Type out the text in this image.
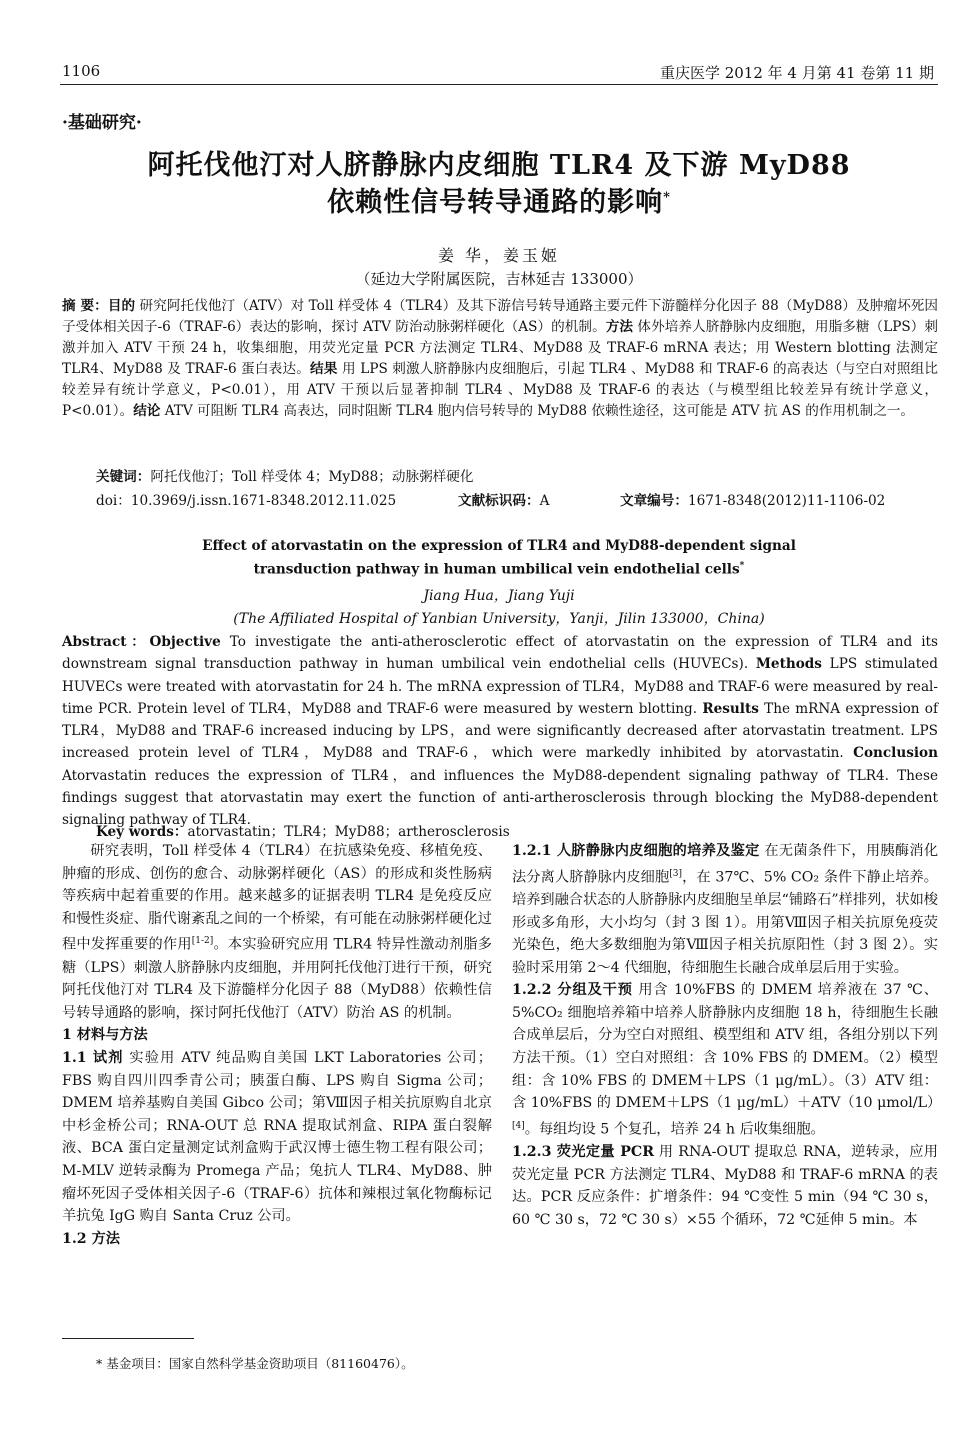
1106	重庆医学 2012 年 4 月第 41 卷第 11 期
·基础研究·
阿托伐他汀对人脐静脉内皮细胞 TLR4 及下游 MyD88
依赖性信号转导通路的影响*
姜 华，姜玉姬
（延边大学附属医院，吉林延吉 133000）
摘 要：目的 研究阿托伐他汀（ATV）对 Toll 样受体 4（TLR4）及其下游信号转导通路主要元件下游髓样分化因子 88（MyD88）及肿瘤坏死因子受体相关因子-6（TRAF-6）表达的影响，探讨 ATV 防治动脉粥样硬化（AS）的机制。方法 体外培养人脐静脉内皮细胞，用脂多糖（LPS）刺激并加入 ATV 干预 24 h，收集细胞，用荧光定量 PCR 方法测定 TLR4、MyD88 及 TRAF-6 mRNA 表达；用 Western blotting 法测定 TLR4、MyD88 及 TRAF-6 蛋白表达。结果 用 LPS 刺激人脐静脉内皮细胞后，引起 TLR4 、MyD88 和 TRAF-6 的高表达（与空白对照组比较差异有统计学意义，P<0.01），用 ATV 干预以后显著抑制 TLR4 、MyD88 及 TRAF-6 的表达（与模型组比较差异有统计学意义，P<0.01）。结论 ATV 可阻断 TLR4 高表达，同时阻断 TLR4 胞内信号转导的 MyD88 依赖性途径，这可能是 ATV 抗 AS 的作用机制之一。
关键词：阿托伐他汀；Toll 样受体 4；MyD88；动脉粥样硬化
doi：10.3969/j.issn.1671-8348.2012.11.025	文献标识码：A	文章编号：1671-8348(2012)11-1106-02
Effect of atorvastatin on the expression of TLR4 and MyD88-dependent signal
transduction pathway in human umbilical vein endothelial cells*
Jiang Hua，Jiang Yuji
(The Affiliated Hospital of Yanbian University，Yanji，Jilin 133000，China)
Abstract：Objective To investigate the anti-atherosclerotic effect of atorvastatin on the expression of TLR4 and its downstream signal transduction pathway in human umbilical vein endothelial cells (HUVECs). Methods LPS stimulated HUVECs were treated with atorvastatin for 24 h. The mRNA expression of TLR4，MyD88 and TRAF-6 were measured by real-time PCR. Protein level of TLR4，MyD88 and TRAF-6 were measured by western blotting. Results The mRNA expression of TLR4，MyD88 and TRAF-6 increased inducing by LPS，and were significantly decreased after atorvastatin treatment. LPS increased protein level of TLR4，MyD88 and TRAF-6，which were markedly inhibited by atorvastatin. Conclusion Atorvastatin reduces the expression of TLR4，and influences the MyD88-dependent signaling pathway of TLR4. These findings suggest that atorvastatin may exert the function of anti-artherosclerosis through blocking the MyD88-dependent signaling pathway of TLR4.
Key words：atorvastatin；TLR4；MyD88；artherosclerosis

研究表明，Toll 样受体 4（TLR4）在抗感染免疫、移植免疫、肿瘤的形成、创伤的愈合、动脉粥样硬化（AS）的形成和炎性肠病等疾病中起着重要的作用。越来越多的证据表明 TLR4 是免疫反应和慢性炎症、脂代谢紊乱之间的一个桥梁，有可能在动脉粥样硬化过程中发挥重要的作用[1-2]。本实验研究应用 TLR4 特异性激动剂脂多糖（LPS）刺激人脐静脉内皮细胞，并用阿托伐他汀进行干预，研究阿托伐他汀对 TLR4 及下游髓样分化因子 88（MyD88）依赖性信号转导通路的影响，探讨阿托伐他汀（ATV）防治 AS 的机制。

1 材料与方法

1.1 试剂 实验用 ATV 纯品购自美国 LKT Laboratories 公司；FBS 购自四川四季青公司；胰蛋白酶、LPS 购自 Sigma 公司；DMEM 培养基购自美国 Gibco 公司；第Ⅷ因子相关抗原购自北京中杉金桥公司；RNA-OUT 总 RNA 提取试剂盒、RIPA 蛋白裂解液、BCA 蛋白定量测定试剂盒购于武汉博士德生物工程有限公司；M-MLV 逆转录酶为 Promega 产品；兔抗人 TLR4、MyD88、肿瘤坏死因子受体相关因子-6（TRAF-6）抗体和辣根过氧化物酶标记羊抗兔 IgG 购自 Santa Cruz 公司。

1.2 方法

1.2.1 人脐静脉内皮细胞的培养及鉴定 在无菌条件下，用胰酶消化法分离人脐静脉内皮细胞[3]，在 37℃、5% CO₂ 条件下静止培养。培养到融合状态的人脐静脉内皮细胞呈单层“铺路石”样排列，状如梭形或多角形，大小均匀（封 3 图 1）。用第Ⅷ因子相关抗原免疫荧光染色，绝大多数细胞为第Ⅷ因子相关抗原阳性（封 3 图 2）。实验时采用第 2～4 代细胞，待细胞生长融合成单层后用于实验。

1.2.2 分组及干预 用含 10%FBS 的 DMEM 培养液在 37 ℃、5%CO₂ 细胞培养箱中培养人脐静脉内皮细胞 18 h，待细胞生长融合成单层后，分为空白对照组、模型组和 ATV 组，各组分别以下列方法干预。（1）空白对照组：含 10% FBS 的 DMEM。（2）模型组：含 10% FBS 的 DMEM＋LPS（1 μg/mL）。（3）ATV 组：含 10%FBS 的 DMEM＋LPS（1 μg/mL）＋ATV（10 μmol/L）[4]。每组均设 5 个复孔，培养 24 h 后收集细胞。

1.2.3 荧光定量 PCR 用 RNA-OUT 提取总 RNA，逆转录，应用荧光定量 PCR 方法测定 TLR4、MyD88 和 TRAF-6 mRNA 的表达。PCR 反应条件：扩增条件：94 ℃变性 5 min（94 ℃ 30 s，60 ℃ 30 s，72 ℃ 30 s）×55 个循环，72 ℃延伸 5 min。本

* 基金项目：国家自然科学基金资助项目（81160476）。
